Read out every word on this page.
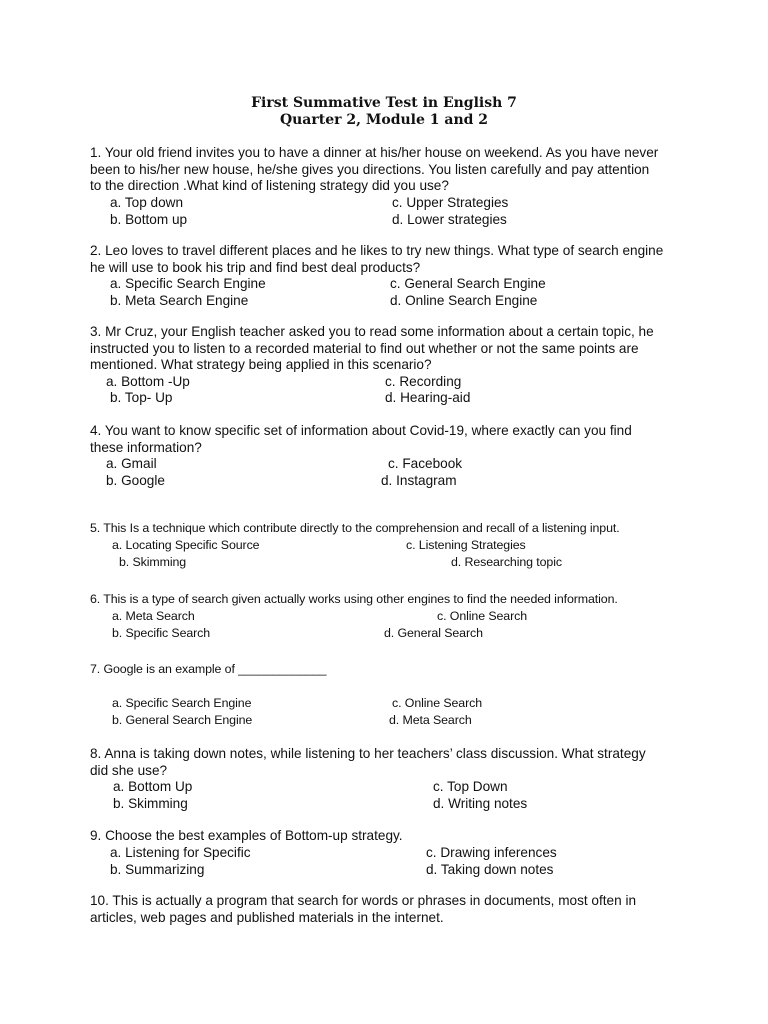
First Summative Test in English 7
Quarter 2, Module 1 and 2
1. Your old friend invites you to have a dinner at his/her house on weekend. As you have never
been to his/her new house, he/she gives you directions. You listen carefully and pay attention
to the direction .What kind of listening strategy did you use?
a. Top down	c. Upper Strategies
b. Bottom up	d. Lower strategies
2. Leo loves to travel different places and he likes to try new things. What type of search engine
he will use to book his trip and find best deal products?
a. Specific Search Engine	c. General Search Engine
b. Meta Search Engine	d. Online Search Engine
3. Mr Cruz, your English teacher asked you to read some information about a certain topic, he
instructed you to listen to a recorded material to find out whether or not the same points are
mentioned. What strategy being applied in this scenario?
a. Bottom -Up	c. Recording
b. Top- Up	d. Hearing-aid
4. You want to know specific set of information about Covid-19, where exactly can you find
these information?
a. Gmail	c. Facebook
b. Google	d. Instagram
5. This Is a technique which contribute directly to the comprehension and recall of a listening input.
a. Locating Specific Source	c. Listening Strategies
b. Skimming	d. Researching topic
6. This is a type of search given actually works using other engines to find the needed information.
a. Meta Search	c. Online Search
b. Specific Search	d. General Search
7. Google is an example of _____________
a. Specific Search Engine	c. Online Search
b. General Search Engine	d. Meta Search
8. Anna is taking down notes, while listening to her teachers’ class discussion. What strategy
did she use?
a. Bottom Up	c. Top Down
b. Skimming	d. Writing notes
9. Choose the best examples of Bottom-up strategy.
a. Listening for Specific	c. Drawing inferences
b. Summarizing	d. Taking down notes
10. This is actually a program that search for words or phrases in documents, most often in
articles, web pages and published materials in the internet.
